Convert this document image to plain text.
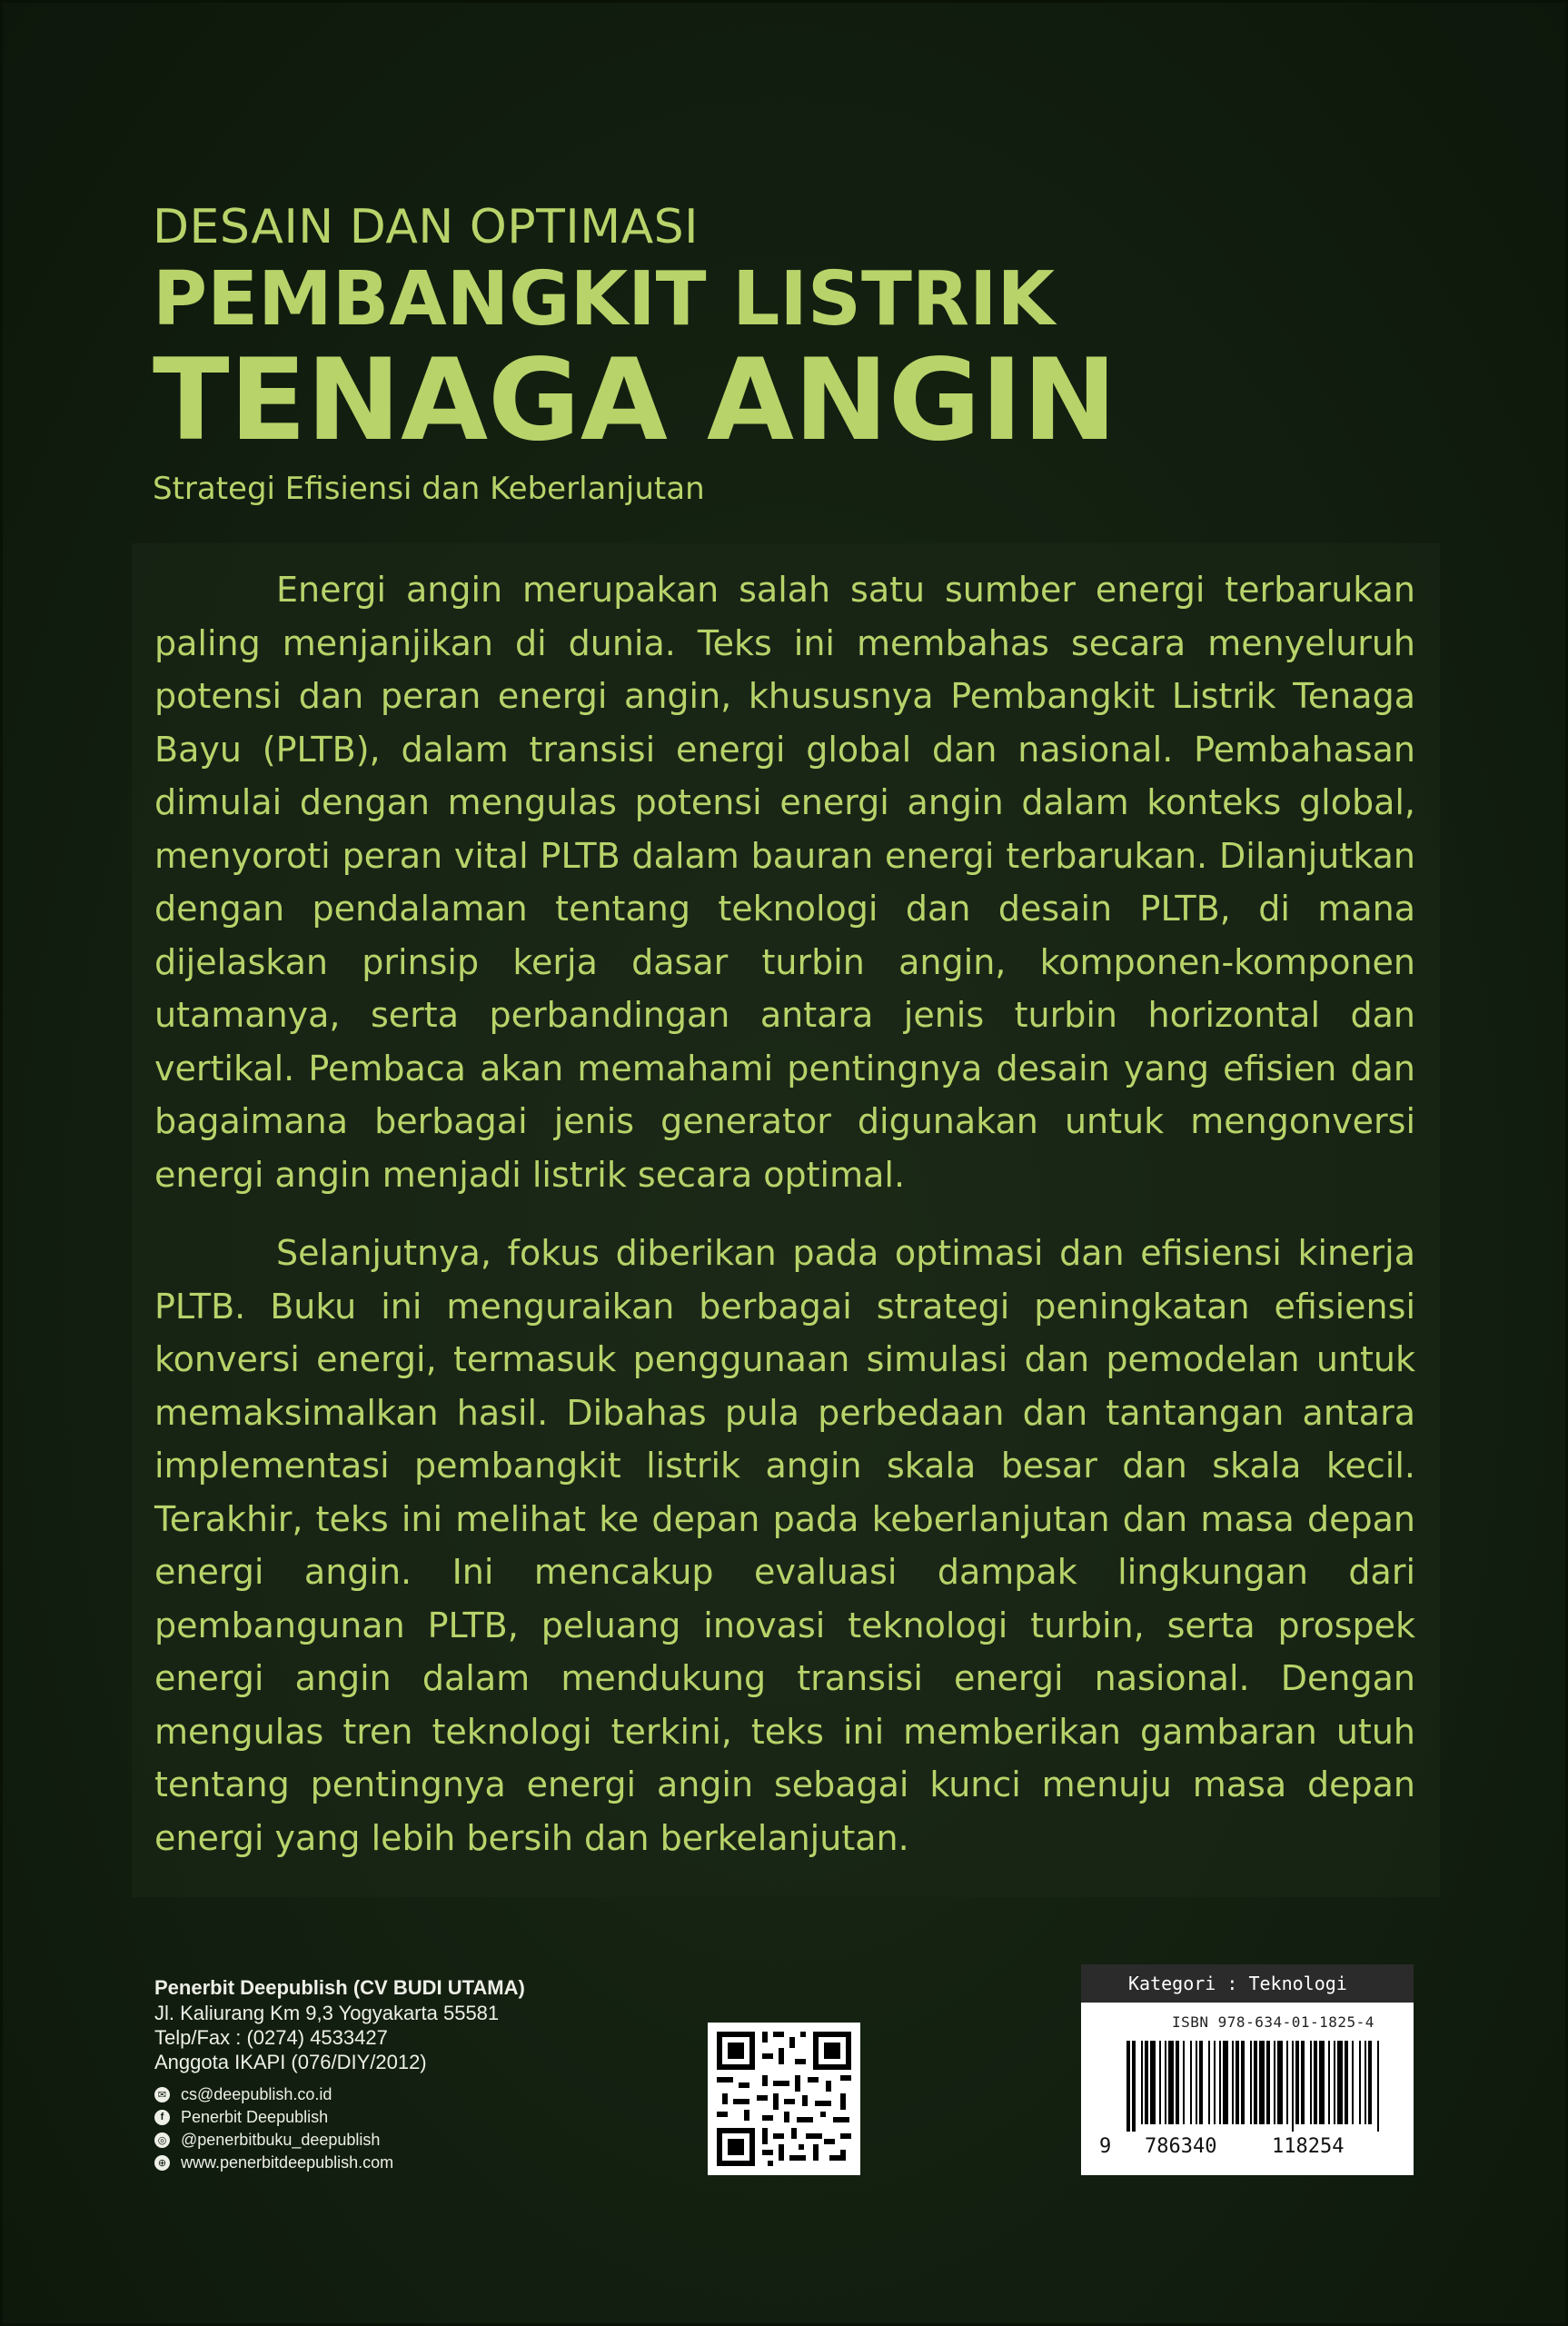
DESAIN DAN OPTIMASI
PEMBANGKIT LISTRIK
TENAGA ANGIN
Strategi Efisiensi dan Keberlanjutan

Energi angin merupakan salah satu sumber energi terbarukan paling menjanjikan di dunia. Teks ini membahas secara menyeluruh potensi dan peran energi angin, khususnya Pembangkit Listrik Tenaga Bayu (PLTB), dalam transisi energi global dan nasional. Pembahasan dimulai dengan mengulas potensi energi angin dalam konteks global, menyoroti peran vital PLTB dalam bauran energi terbarukan. Dilanjutkan dengan pendalaman tentang teknologi dan desain PLTB, di mana dijelaskan prinsip kerja dasar turbin angin, komponen-komponen utamanya, serta perbandingan antara jenis turbin horizontal dan vertikal. Pembaca akan memahami pentingnya desain yang efisien dan bagaimana berbagai jenis generator digunakan untuk mengonversi energi angin menjadi listrik secara optimal.

Selanjutnya, fokus diberikan pada optimasi dan efisiensi kinerja PLTB. Buku ini menguraikan berbagai strategi peningkatan efisiensi konversi energi, termasuk penggunaan simulasi dan pemodelan untuk memaksimalkan hasil. Dibahas pula perbedaan dan tantangan antara implementasi pembangkit listrik angin skala besar dan skala kecil. Terakhir, teks ini melihat ke depan pada keberlanjutan dan masa depan energi angin. Ini mencakup evaluasi dampak lingkungan dari pembangunan PLTB, peluang inovasi teknologi turbin, serta prospek energi angin dalam mendukung transisi energi nasional. Dengan mengulas tren teknologi terkini, teks ini memberikan gambaran utuh tentang pentingnya energi angin sebagai kunci menuju masa depan energi yang lebih bersih dan berkelanjutan.

Penerbit Deepublish (CV BUDI UTAMA)
Jl. Kaliurang Km 9,3 Yogyakarta 55581
Telp/Fax : (0274) 4533427
Anggota IKAPI (076/DIY/2012)
✉ cs@deepublish.co.id
f	Penerbit Deepublish
◎ @penerbitbuku_deepublish
⊕ www.penerbitdeepublish.com
Kategori : Teknologi
ISBN 978-634-01-1825-4
9 786340	118254
